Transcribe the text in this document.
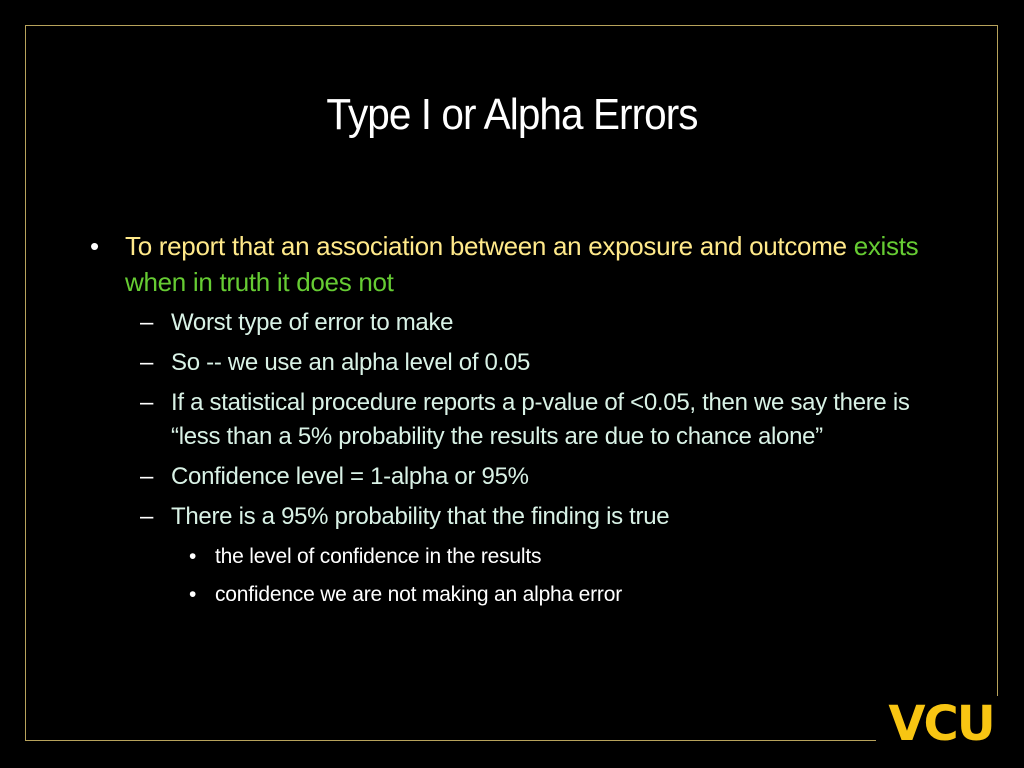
Type I or Alpha Errors
• To report that an association between an exposure and outcome exists when in truth it does not
– Worst type of error to make
– So -- we use an alpha level of 0.05
– If a statistical procedure reports a p-value of <0.05, then we say there is “less than a 5% probability the results are due to chance alone”
– Confidence level = 1-alpha or 95%
– There is a 95% probability that the finding is true
• the level of confidence in the results
• confidence we are not making an alpha error
VCU
